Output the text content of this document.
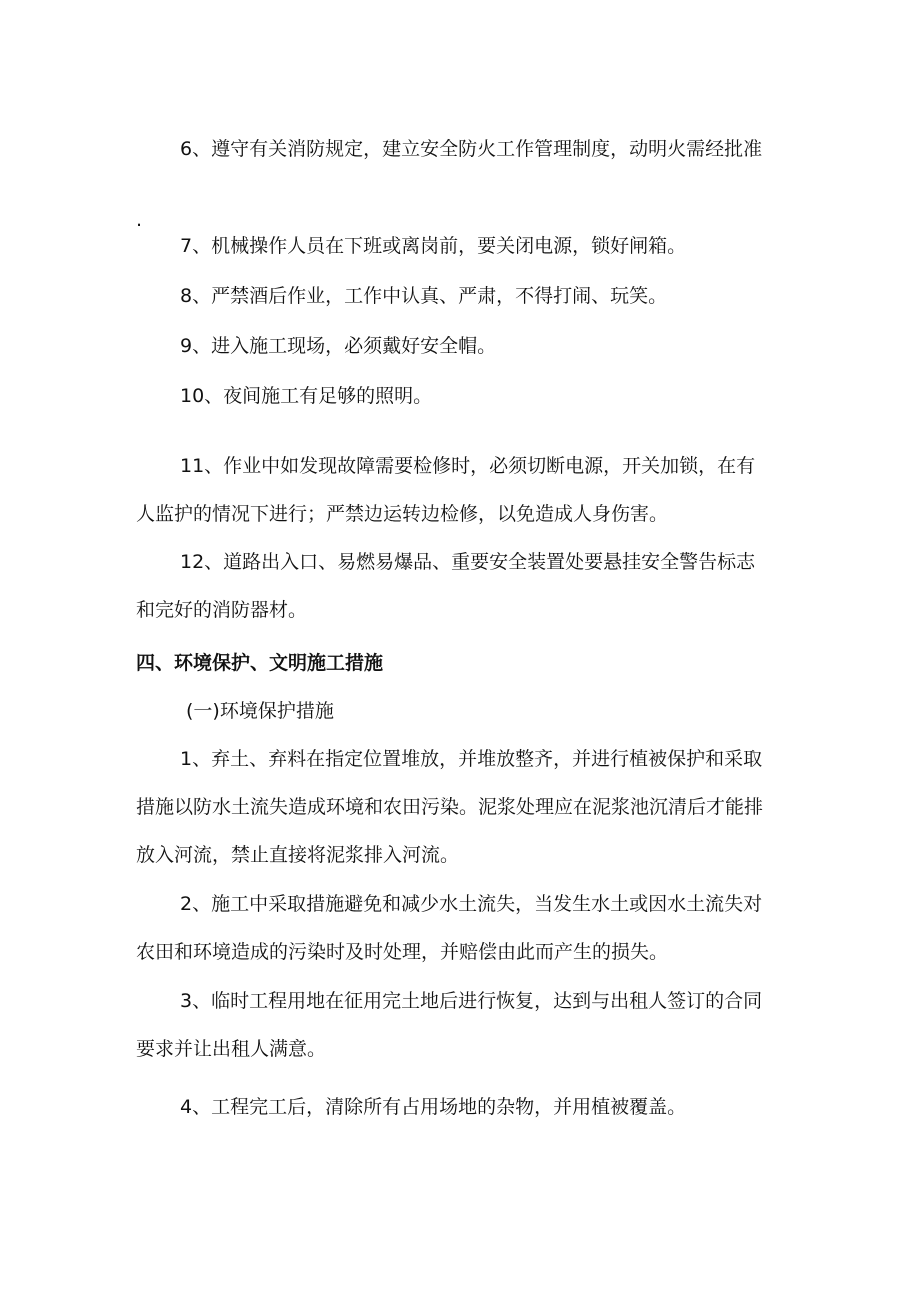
6、遵守有关消防规定，建立安全防火工作管理制度，动明火需经批准

.

7、机械操作人员在下班或离岗前，要关闭电源，锁好闸箱。

8、严禁酒后作业，工作中认真、严肃，不得打闹、玩笑。

9、进入施工现场，必须戴好安全帽。

10、夜间施工有足够的照明。

11、作业中如发现故障需要检修时，必须切断电源，开关加锁，在有

人监护的情况下进行；严禁边运转边检修，以免造成人身伤害。

12、道路出入口、易燃易爆品、重要安全装置处要悬挂安全警告标志

和完好的消防器材。

四、环境保护、文明施工措施

(一)环境保护措施

1、弃土、弃料在指定位置堆放，并堆放整齐，并进行植被保护和采取

措施以防水土流失造成环境和农田污染。泥浆处理应在泥浆池沉清后才能排

放入河流，禁止直接将泥浆排入河流。

2、施工中采取措施避免和减少水土流失，当发生水土或因水土流失对

农田和环境造成的污染时及时处理，并赔偿由此而产生的损失。

3、临时工程用地在征用完土地后进行恢复，达到与出租人签订的合同

要求并让出租人满意。

4、工程完工后，清除所有占用场地的杂物，并用植被覆盖。
